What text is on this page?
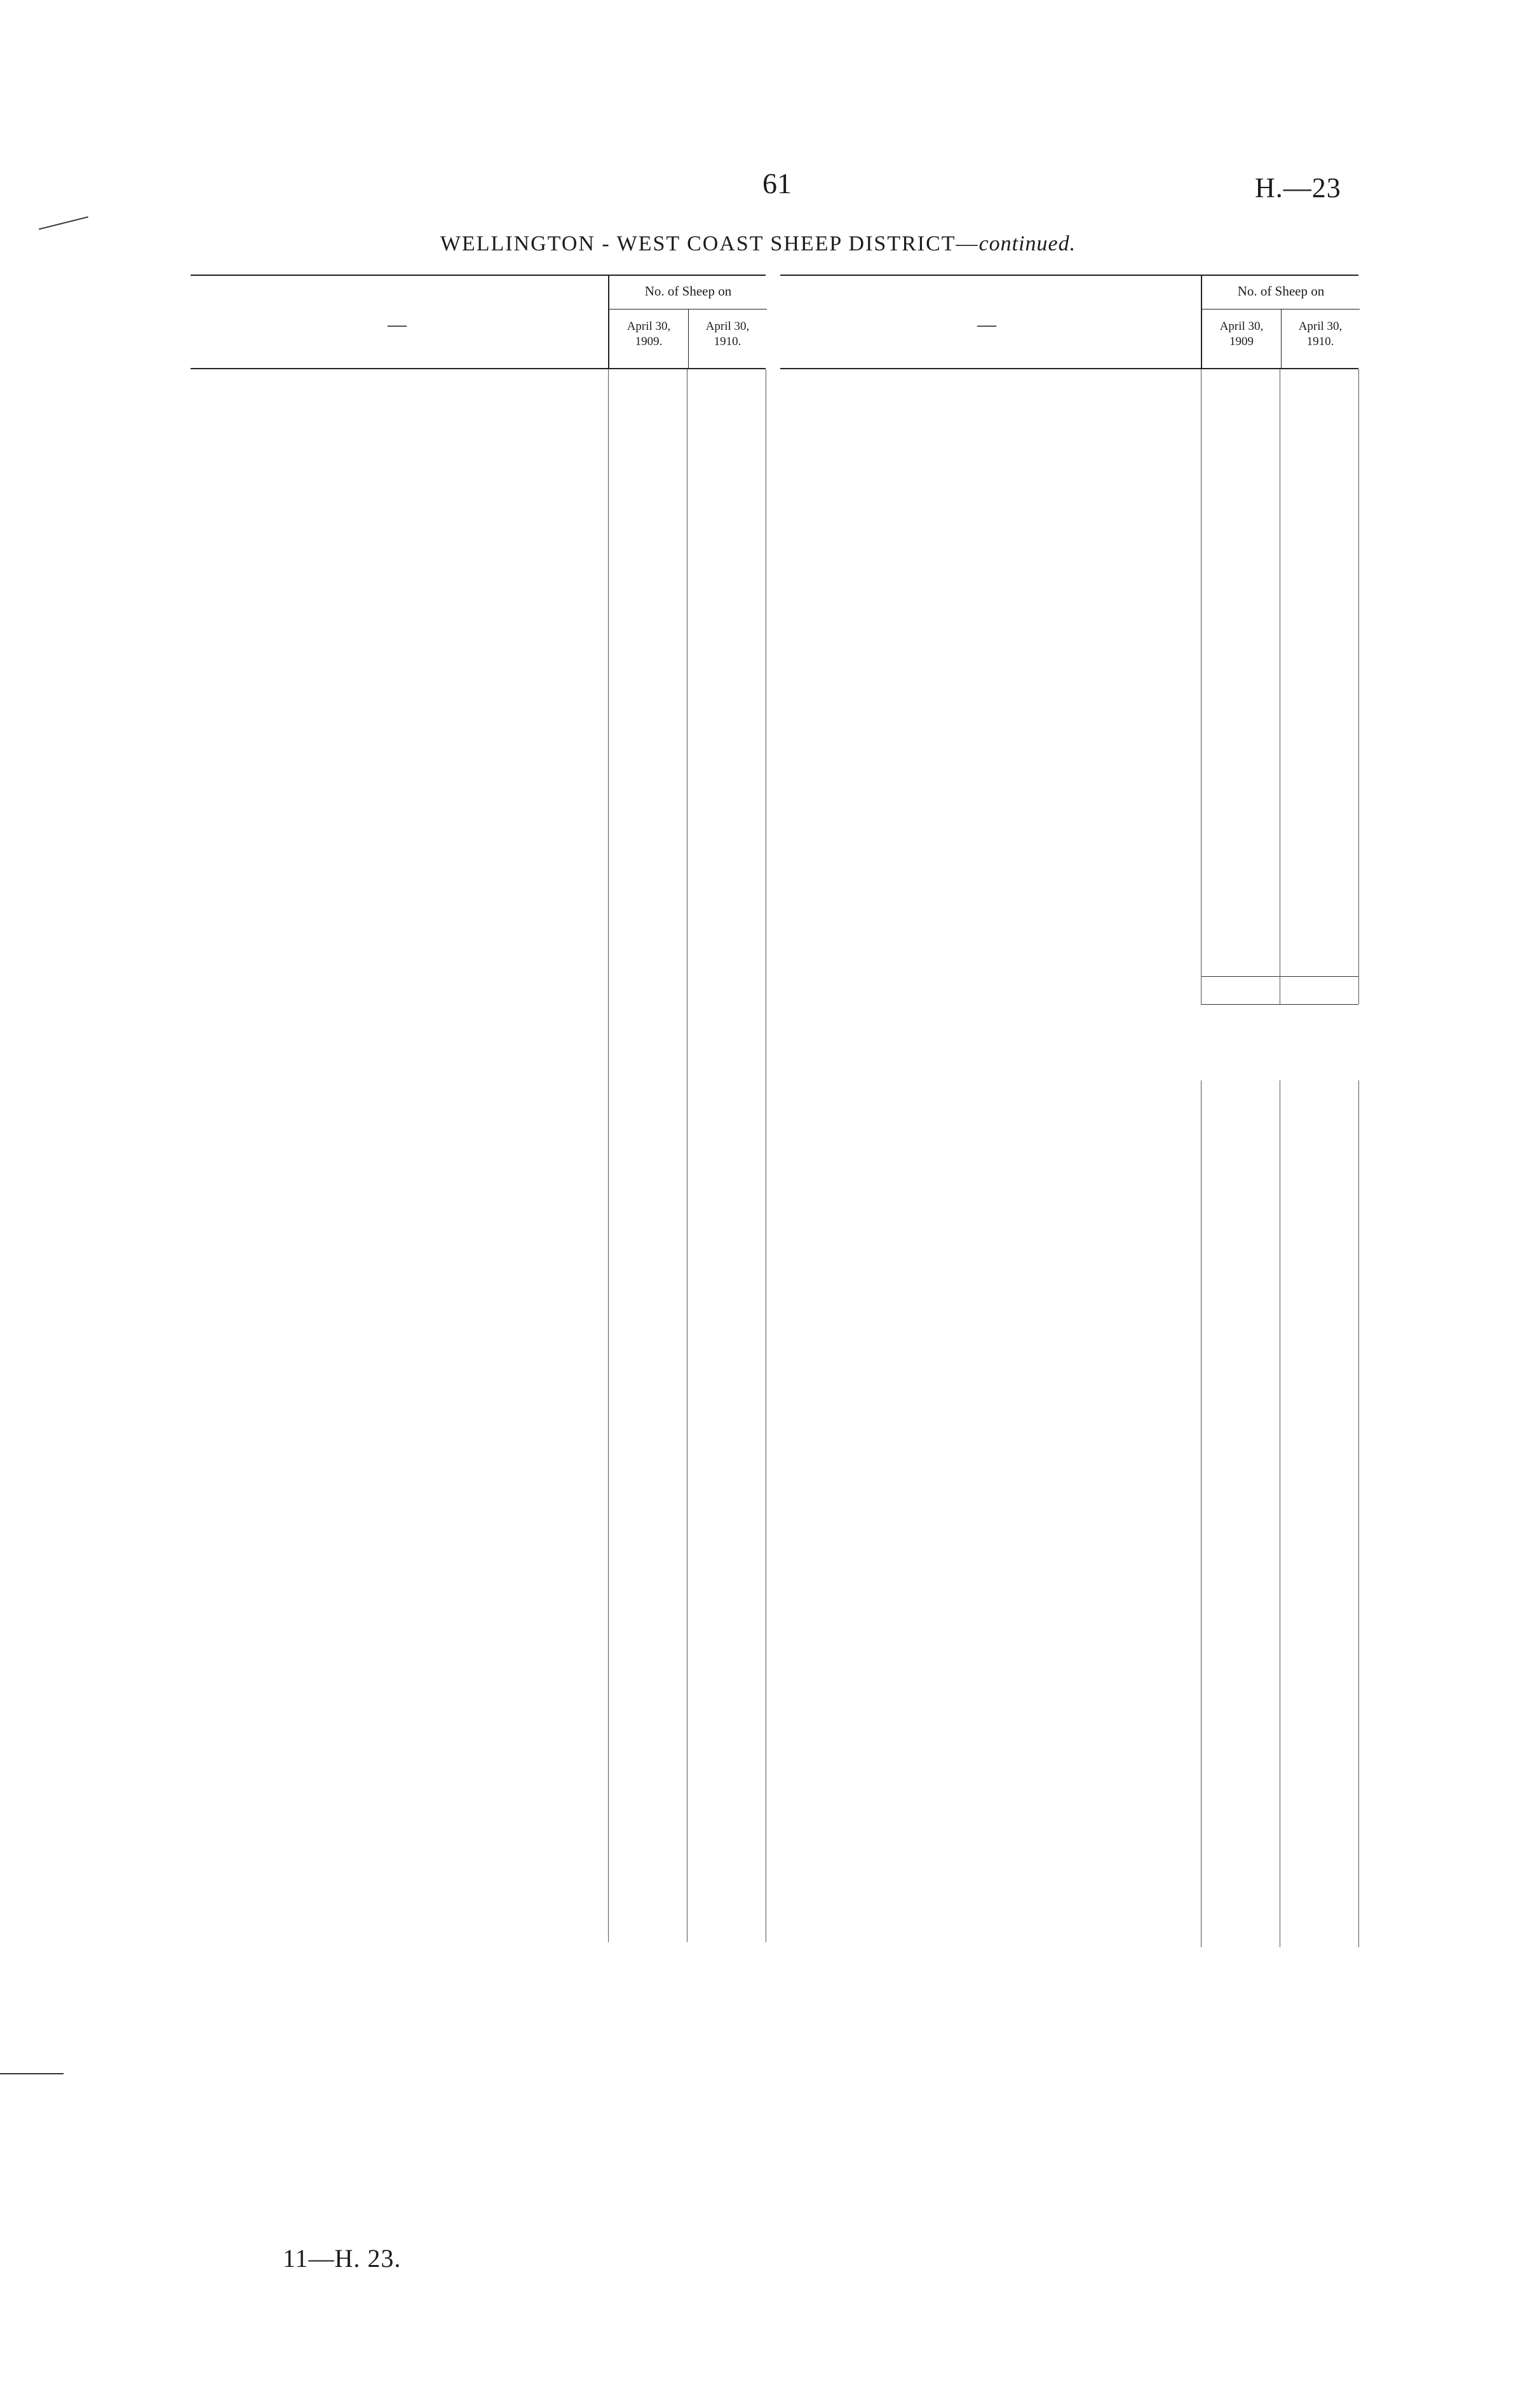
61	H.—23
WELLINGTON - WEST COAST SHEEP DISTRICT—continued.
—
No. of Sheep on
April 30,
1909.
April 30,
1910.
—
No. of Sheep on
April 30,
1909
April 30,
1910.
11—H. 23.
